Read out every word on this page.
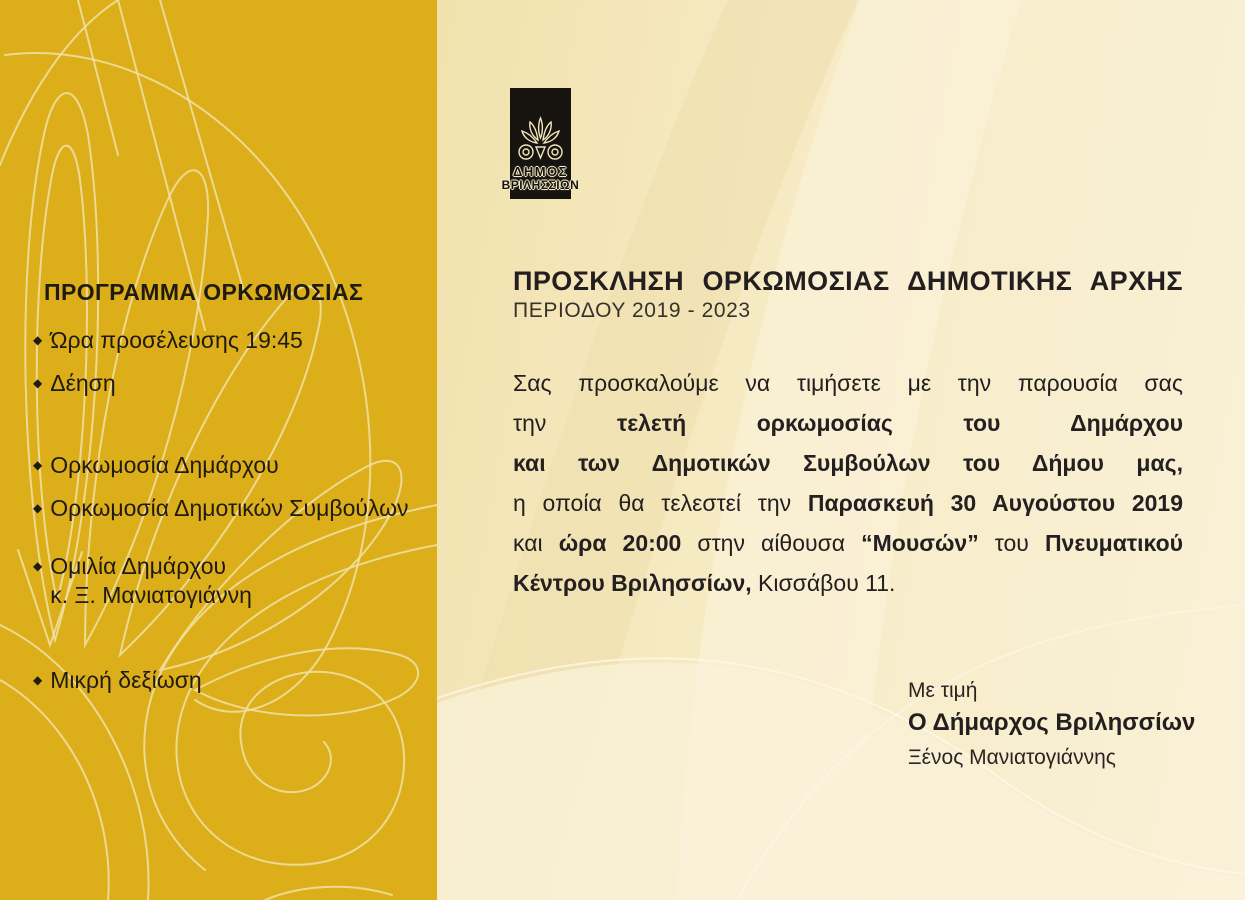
ΠΡΟΓΡΑΜΜΑ ΟΡΚΩΜΟΣΙΑΣ
◆ Ώρα προσέλευσης 19:45
◆ Δέηση
◆ Ορκωμοσία Δημάρχου
◆ Ορκωμοσία Δημοτικών Συμβούλων
◆ Ομιλία Δημάρχου
κ. Ξ. Μανιατογιάννη
◆ Μικρή δεξίωση
ΔΗΜΟΣ
ΒΡΙΛΗΣΣΙΩΝ
ΠΡΟΣΚΛΗΣΗ ΟΡΚΩΜΟΣΙΑΣ ΔΗΜΟΤΙΚΗΣ ΑΡΧΗΣ
ΠΕΡΙΟΔΟΥ 2019 - 2023
Σας προσκαλούμε να τιμήσετε με την παρουσία σας
την	τελετή ορκωμοσίας του Δημάρχου
και των Δημοτικών Συμβούλων του Δήμου μας,
η οποία θα τελεστεί την Παρασκευή 30 Αυγούστου 2019
και ώρα 20:00 στην αίθουσα “Μουσών” του Πνευματικού
Κέντρου Βριλησσίων, Κισσάβου 11.
Με τιμή
Ο Δήμαρχος Βριλησσίων
Ξένος Μανιατογιάννης
